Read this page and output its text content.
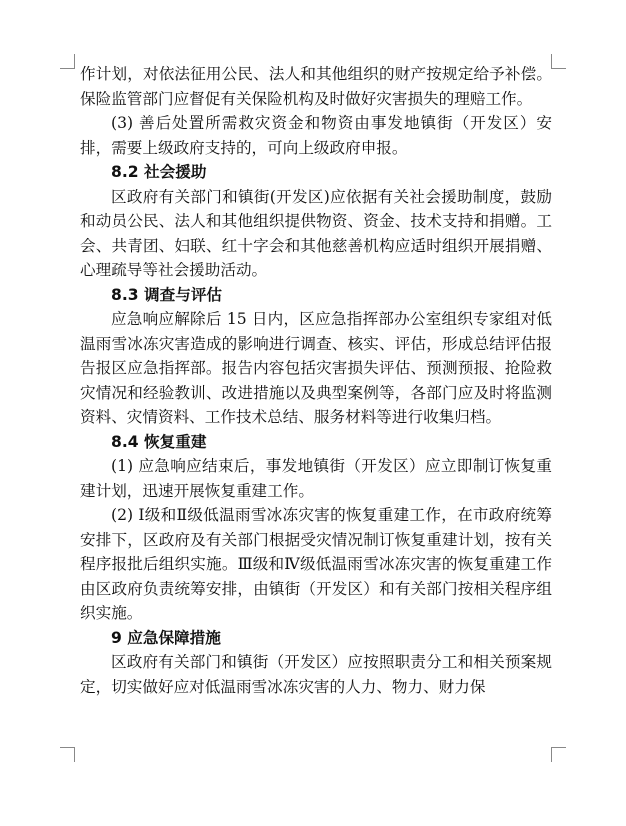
作计划，对依法征用公民、法人和其他组织的财产按规定给予补偿。保险监管部门应督促有关保险机构及时做好灾害损失的理赔工作。

(3) 善后处置所需救灾资金和物资由事发地镇街（开发区）安排，需要上级政府支持的，可向上级政府申报。

8.2 社会援助

区政府有关部门和镇街(开发区)应依据有关社会援助制度，鼓励和动员公民、法人和其他组织提供物资、资金、技术支持和捐赠。工会、共青团、妇联、红十字会和其他慈善机构应适时组织开展捐赠、心理疏导等社会援助活动。

8.3 调查与评估

应急响应解除后 15 日内，区应急指挥部办公室组织专家组对低温雨雪冰冻灾害造成的影响进行调查、核实、评估，形成总结评估报告报区应急指挥部。报告内容包括灾害损失评估、预测预报、抢险救灾情况和经验教训、改进措施以及典型案例等，各部门应及时将监测资料、灾情资料、工作技术总结、服务材料等进行收集归档。

8.4 恢复重建

(1) 应急响应结束后，事发地镇街（开发区）应立即制订恢复重建计划，迅速开展恢复重建工作。

(2) Ⅰ级和Ⅱ级低温雨雪冰冻灾害的恢复重建工作，在市政府统筹安排下，区政府及有关部门根据受灾情况制订恢复重建计划，按有关程序报批后组织实施。Ⅲ级和Ⅳ级低温雨雪冰冻灾害的恢复重建工作由区政府负责统筹安排，由镇街（开发区）和有关部门按相关程序组织实施。

9 应急保障措施

区政府有关部门和镇街（开发区）应按照职责分工和相关预案规定，切实做好应对低温雨雪冰冻灾害的人力、物力、财力保
